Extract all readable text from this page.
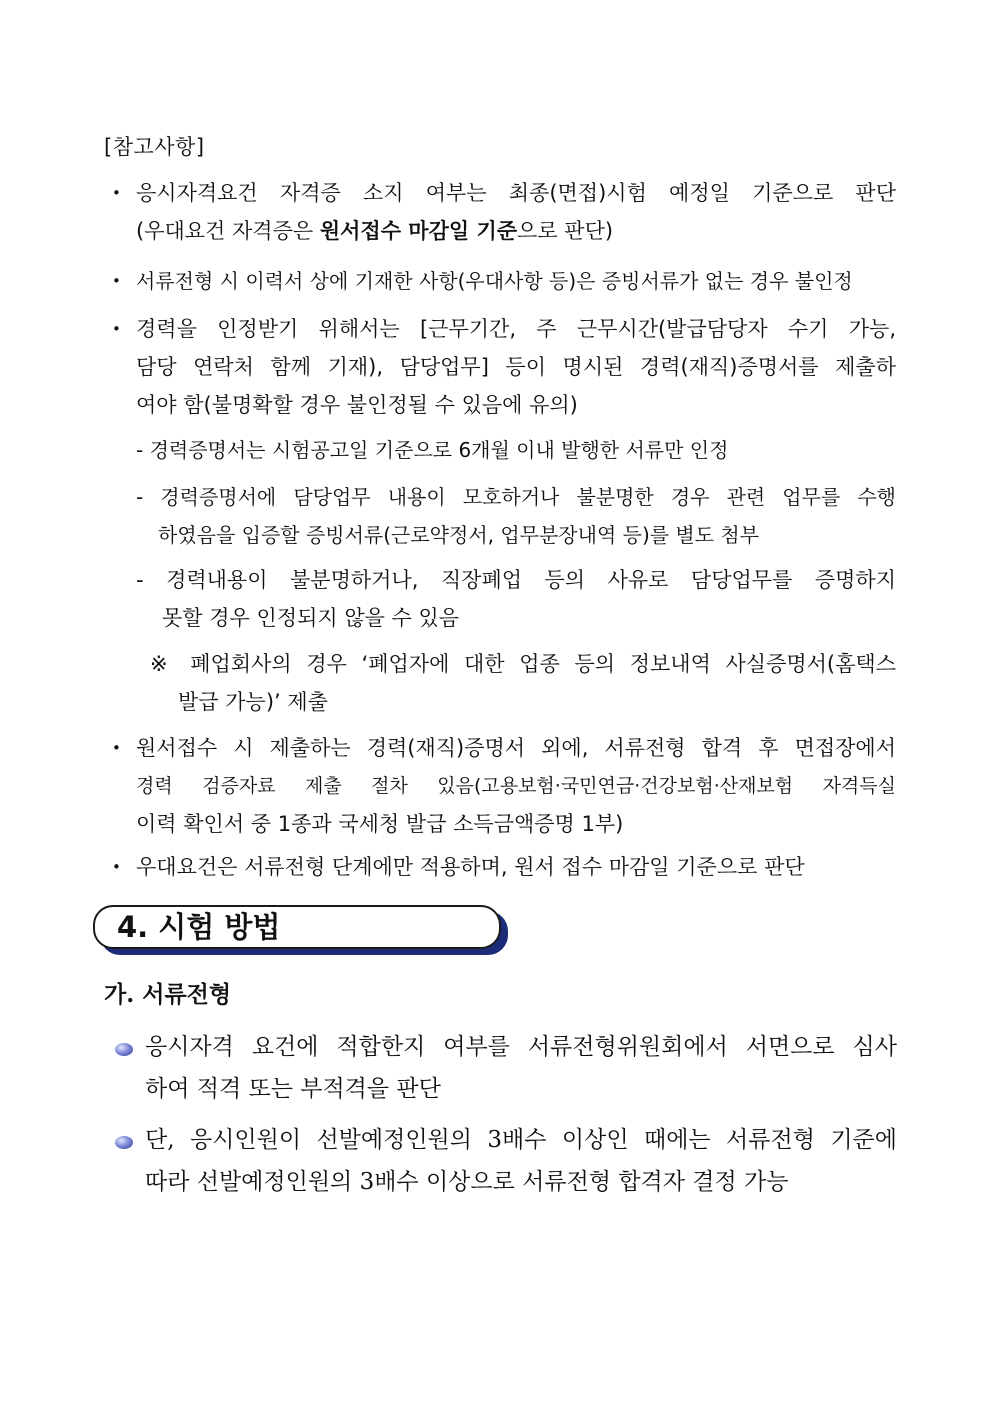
[참고사항]
• 응시자격요건 자격증 소지 여부는 최종(면접)시험 예정일 기준으로 판단
(우대요건 자격증은 원서접수 마감일 기준으로 판단)
• 서류전형 시 이력서 상에 기재한 사항(우대사항 등)은 증빙서류가 없는 경우 불인정
• 경력을 인정받기 위해서는 [근무기간, 주 근무시간(발급담당자 수기 가능,
담당 연락처 함께 기재), 담당업무] 등이 명시된 경력(재직)증명서를 제출하
여야 함(불명확할 경우 불인정될 수 있음에 유의)
- 경력증명서는 시험공고일 기준으로 6개월 이내 발행한 서류만 인정
- 경력증명서에 담당업무 내용이 모호하거나 불분명한 경우 관련 업무를 수행
하였음을 입증할 증빙서류(근로약정서, 업무분장내역 등)를 별도 첨부
- 경력내용이 불분명하거나, 직장폐업 등의 사유로 담당업무를 증명하지
못할 경우 인정되지 않을 수 있음
※ 폐업회사의 경우 ‘폐업자에 대한 업종 등의 정보내역 사실증명서(홈택스
발급 가능)’ 제출
• 원서접수 시 제출하는 경력(재직)증명서 외에, 서류전형 합격 후 면접장에서
경력 검증자료 제출 절차 있음(고용보험·국민연금·건강보험·산재보험 자격득실
이력 확인서 중 1종과 국세청 발급 소득금액증명 1부)
• 우대요건은 서류전형 단계에만 적용하며, 원서 접수 마감일 기준으로 판단
4. 시험 방법
가. 서류전형
응시자격 요건에 적합한지 여부를 서류전형위원회에서 서면으로 심사
하여 적격 또는 부적격을 판단
단, 응시인원이 선발예정인원의 3배수 이상인 때에는 서류전형 기준에
따라 선발예정인원의 3배수 이상으로 서류전형 합격자 결정 가능
